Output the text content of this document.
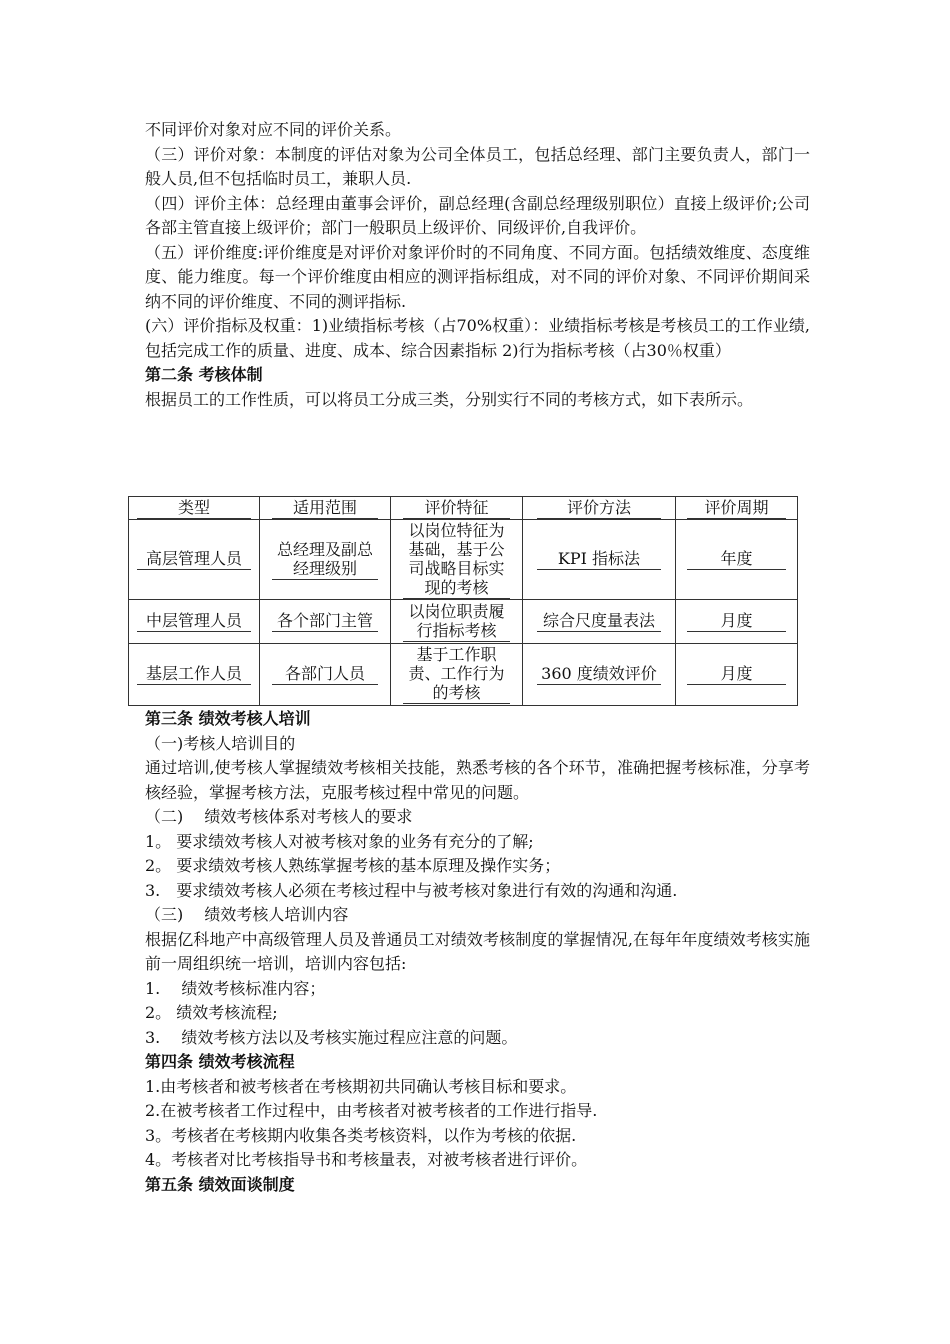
不同评价对象对应不同的评价关系。

（三）评价对象：本制度的评估对象为公司全体员工，包括总经理、部门主要负责人，部门一般人员,但不包括临时员工，兼职人员.

（四）评价主体：总经理由董事会评价，副总经理(含副总经理级别职位）直接上级评价;公司各部主管直接上级评价；部门一般职员上级评价、同级评价,自我评价。

（五）评价维度:评价维度是对评价对象评价时的不同角度、不同方面。包括绩效维度、态度维度、能力维度。每一个评价维度由相应的测评指标组成，对不同的评价对象、不同评价期间采纳不同的评价维度、不同的测评指标.

(六）评价指标及权重：1)业绩指标考核（占70%权重）：业绩指标考核是考核员工的工作业绩,包括完成工作的质量、进度、成本、综合因素指标 2)行为指标考核（占30％权重）

第二条 考核体制

根据员工的工作性质，可以将员工分成三类，分别实行不同的考核方式，如下表所示。

类型	适用范围	评价特征	评价方法	评价周期
高层管理人员	总经理及副总经理级别	以岗位特征为基础，基于公司战略目标实现的考核	KPI 指标法	年度
中层管理人员	各个部门主管	以岗位职责履行指标考核	综合尺度量表法	月度
基层工作人员	各部门人员	基于工作职责、工作行为的考核	360 度绩效评价	月度

第三条 绩效考核人培训

（一)考核人培训目的

通过培训,使考核人掌握绩效考核相关技能，熟悉考核的各个环节，准确把握考核标准，分享考核经验，掌握考核方法，克服考核过程中常见的问题。

（二)　 绩效考核体系对考核人的要求

1。 要求绩效考核人对被考核对象的业务有充分的了解;

2。 要求绩效考核人熟练掌握考核的基本原理及操作实务；

3.　要求绩效考核人必须在考核过程中与被考核对象进行有效的沟通和沟通.

（三)　 绩效考核人培训内容

根据亿科地产中高级管理人员及普通员工对绩效考核制度的掌握情况,在每年年度绩效考核实施前一周组织统一培训，培训内容包括:

1.　 绩效考核标准内容；

2。 绩效考核流程;

3.　 绩效考核方法以及考核实施过程应注意的问题。

第四条 绩效考核流程

1.由考核者和被考核者在考核期初共同确认考核目标和要求。

2.在被考核者工作过程中，由考核者对被考核者的工作进行指导.

3。考核者在考核期内收集各类考核资料，以作为考核的依据.

4。考核者对比考核指导书和考核量表，对被考核者进行评价。

第五条 绩效面谈制度
